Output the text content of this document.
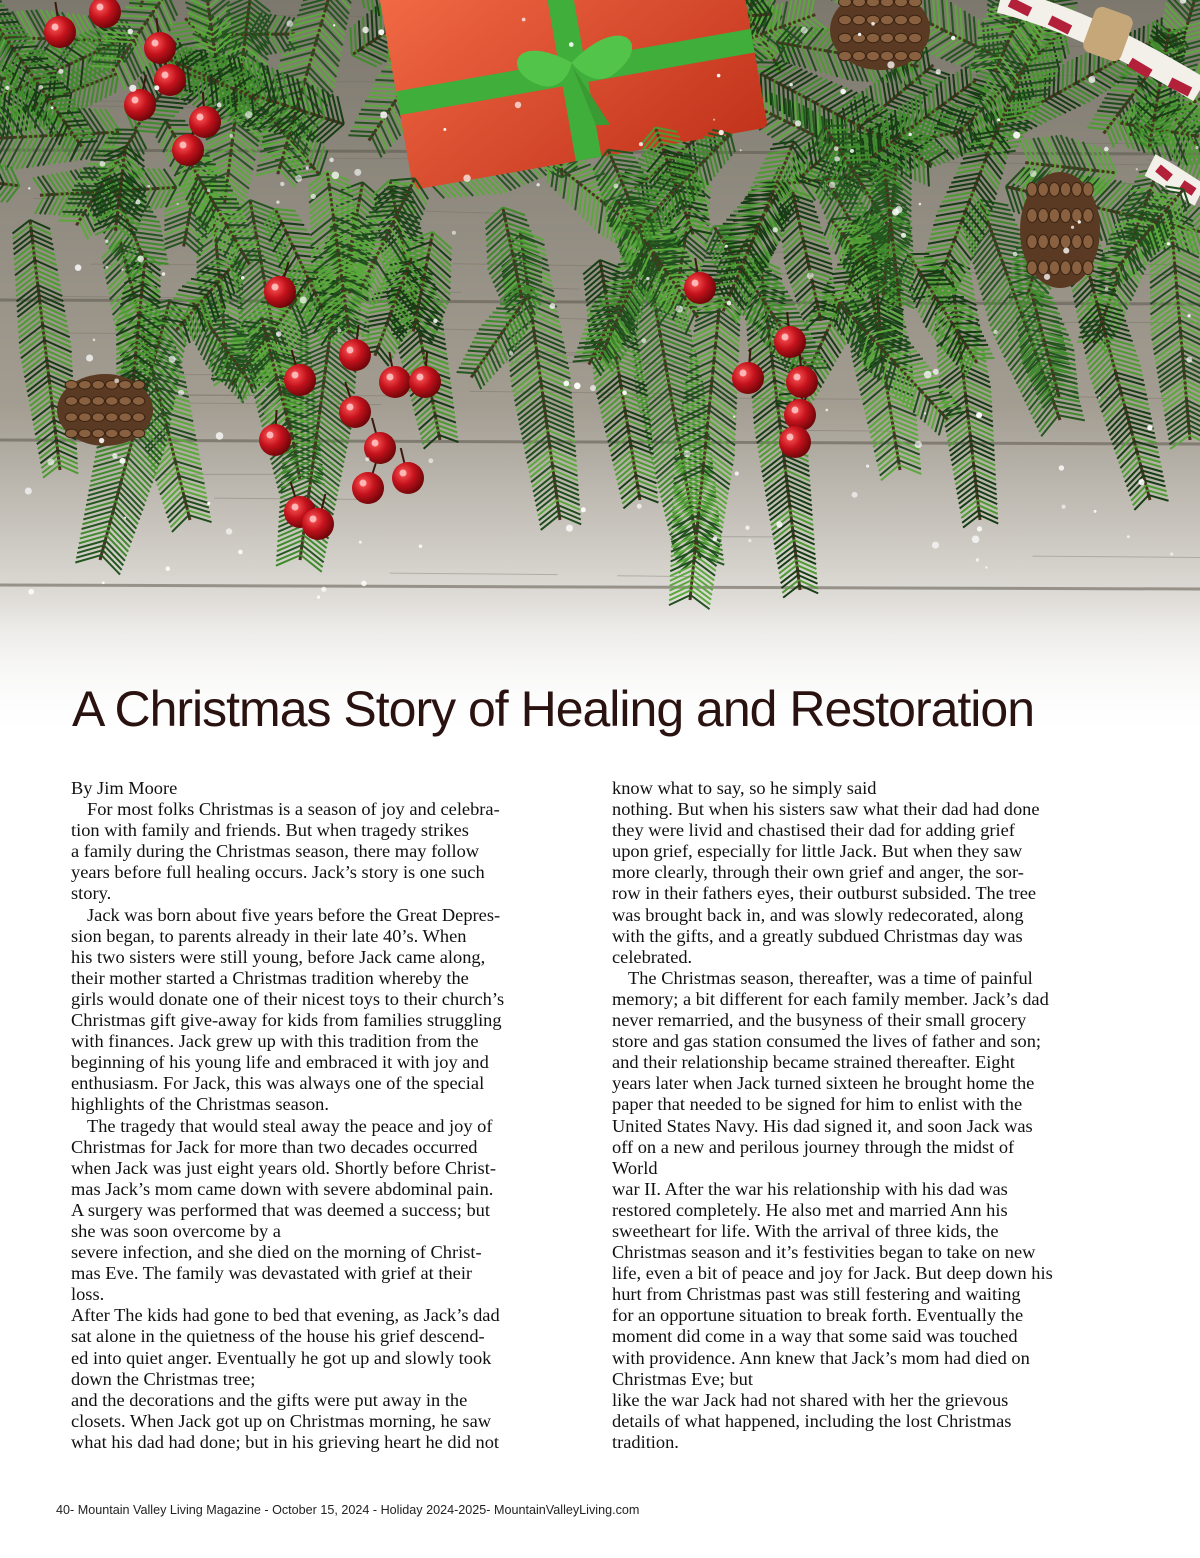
A Christmas Story of Healing and Restoration
By Jim Moore
For most folks Christmas is a season of joy and celebra-
tion with family and friends. But when tragedy strikes
a family during the Christmas season, there may follow
years before full healing occurs. Jack’s story is one such
story.
Jack was born about five years before the Great Depres-
sion began, to parents already in their late 40’s. When
his two sisters were still young, before Jack came along,
their mother started a Christmas tradition whereby the
girls would donate one of their nicest toys to their church’s
Christmas gift give-away for kids from families struggling
with finances. Jack grew up with this tradition from the
beginning of his young life and embraced it with joy and
enthusiasm. For Jack, this was always one of the special
highlights of the Christmas season.
The tragedy that would steal away the peace and joy of
Christmas for Jack for more than two decades occurred
when Jack was just eight years old. Shortly before Christ-
mas Jack’s mom came down with severe abdominal pain.
A surgery was performed that was deemed a success; but
she was soon overcome by a
severe infection, and she died on the morning of Christ-
mas Eve. The family was devastated with grief at their
loss.
After The kids had gone to bed that evening, as Jack’s dad
sat alone in the quietness of the house his grief descend-
ed into quiet anger. Eventually he got up and slowly took
down the Christmas tree;
and the decorations and the gifts were put away in the
closets. When Jack got up on Christmas morning, he saw
what his dad had done; but in his grieving heart he did not
know what to say, so he simply said
nothing. But when his sisters saw what their dad had done
they were livid and chastised their dad for adding grief
upon grief, especially for little Jack. But when they saw
more clearly, through their own grief and anger, the sor-
row in their fathers eyes, their outburst subsided. The tree
was brought back in, and was slowly redecorated, along
with the gifts, and a greatly subdued Christmas day was
celebrated.
The Christmas season, thereafter, was a time of painful
memory; a bit different for each family member. Jack’s dad
never remarried, and the busyness of their small grocery
store and gas station consumed the lives of father and son;
and their relationship became strained thereafter. Eight
years later when Jack turned sixteen he brought home the
paper that needed to be signed for him to enlist with the
United States Navy. His dad signed it, and soon Jack was
off on a new and perilous journey through the midst of
World
war II. After the war his relationship with his dad was
restored completely. He also met and married Ann his
sweetheart for life. With the arrival of three kids, the
Christmas season and it’s festivities began to take on new
life, even a bit of peace and joy for Jack. But deep down his
hurt from Christmas past was still festering and waiting
for an opportune situation to break forth. Eventually the
moment did come in a way that some said was touched
with providence. Ann knew that Jack’s mom had died on
Christmas Eve; but
like the war Jack had not shared with her the grievous
details of what happened, including the lost Christmas
tradition.
40- Mountain Valley Living Magazine - October 15, 2024 - Holiday 2024-2025- MountainValleyLiving.com
